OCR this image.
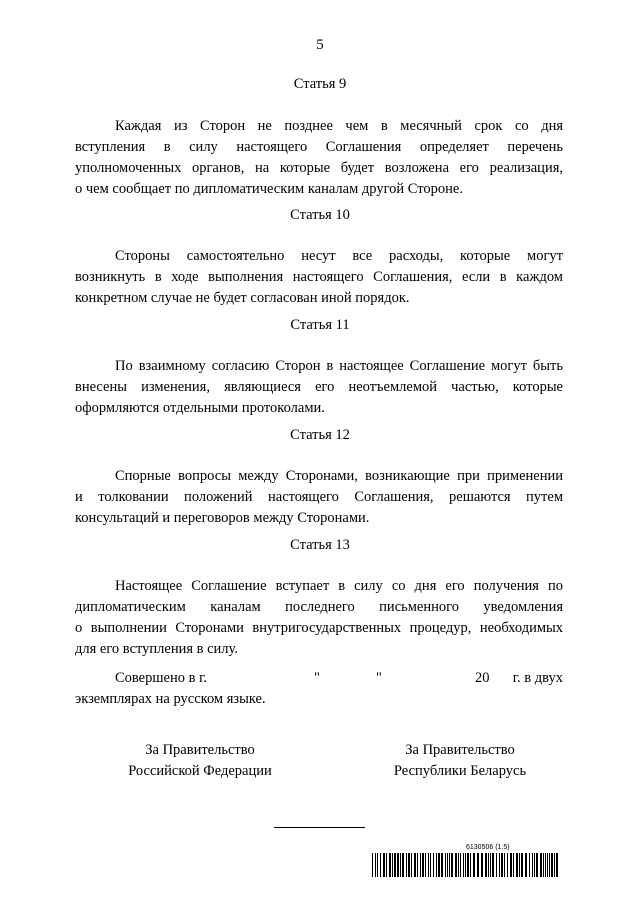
5
Статья 9
Каждая из Сторон не позднее чем в месячный срок со дня
вступления в силу настоящего Соглашения определяет перечень
уполномоченных органов, на которые будет возложена его реализация,
о чем сообщает по дипломатическим каналам другой Стороне.
Статья 10
Стороны самостоятельно несут все расходы, которые могут
возникнуть в ходе выполнения настоящего Соглашения, если в каждом
конкретном случае не будет согласован иной порядок.
Статья 11
По взаимному согласию Сторон в настоящее Соглашение могут быть
внесены изменения, являющиеся его неотъемлемой частью, которые
оформляются отдельными протоколами.
Статья 12
Спорные вопросы между Сторонами, возникающие при применении
и толковании положений настоящего Соглашения, решаются путем
консультаций и переговоров между Сторонами.
Статья 13
Настоящее Соглашение вступает в силу со дня его получения по
дипломатическим каналам последнего письменного уведомления
о выполнении Сторонами внутригосударственных процедур, необходимых
для его вступления в силу.
Совершено в г.	"	"	20	г. в двух
экземплярах на русском языке.
За Правительство
Российской Федерации
За Правительство
Республики Беларусь
6130506 (1.5)
